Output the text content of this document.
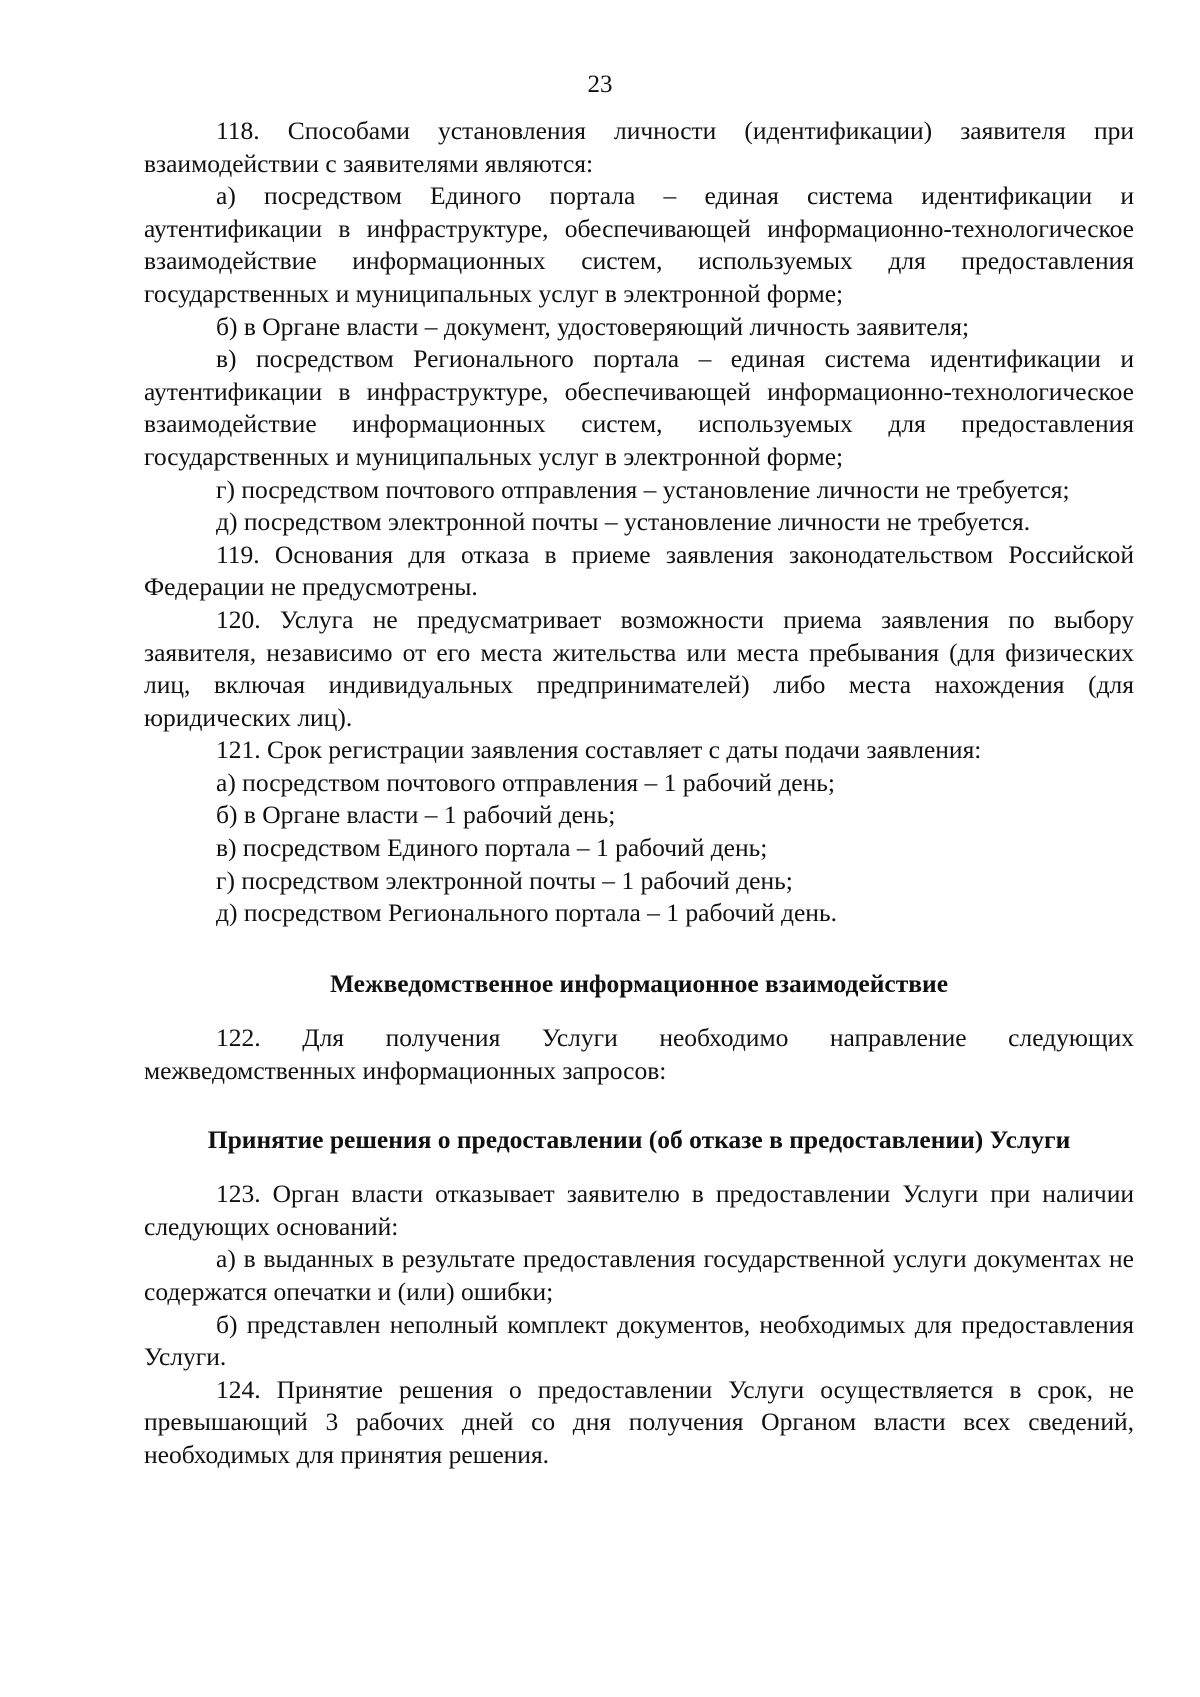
23

118. Способами установления личности (идентификации) заявителя при взаимодействии с заявителями являются:

а) посредством Единого портала – единая система идентификации и аутентификации в инфраструктуре, обеспечивающей информационно-технологическое взаимодействие информационных систем, используемых для предоставления государственных и муниципальных услуг в электронной форме;

б) в Органе власти – документ, удостоверяющий личность заявителя;

в) посредством Регионального портала – единая система идентификации и аутентификации в инфраструктуре, обеспечивающей информационно-технологическое взаимодействие информационных систем, используемых для предоставления государственных и муниципальных услуг в электронной форме;

г) посредством почтового отправления – установление личности не требуется;

д) посредством электронной почты – установление личности не требуется.

119. Основания для отказа в приеме заявления законодательством Российской Федерации не предусмотрены.

120. Услуга не предусматривает возможности приема заявления по выбору заявителя, независимо от его места жительства или места пребывания (для физических лиц, включая индивидуальных предпринимателей) либо места нахождения (для юридических лиц).

121. Срок регистрации заявления составляет с даты подачи заявления:

а) посредством почтового отправления – 1 рабочий день;

б) в Органе власти – 1 рабочий день;

в) посредством Единого портала – 1 рабочий день;

г) посредством электронной почты – 1 рабочий день;

д) посредством Регионального портала – 1 рабочий день.

Межведомственное информационное взаимодействие

122. Для получения Услуги необходимо направление следующих межведомственных информационных запросов:

Принятие решения о предоставлении (об отказе в предоставлении) Услуги

123. Орган власти отказывает заявителю в предоставлении Услуги при наличии следующих оснований:

а) в выданных в результате предоставления государственной услуги документах не содержатся опечатки и (или) ошибки;

б) представлен неполный комплект документов, необходимых для предоставления Услуги.

124. Принятие решения о предоставлении Услуги осуществляется в срок, не превышающий 3 рабочих дней со дня получения Органом власти всех сведений, необходимых для принятия решения.
